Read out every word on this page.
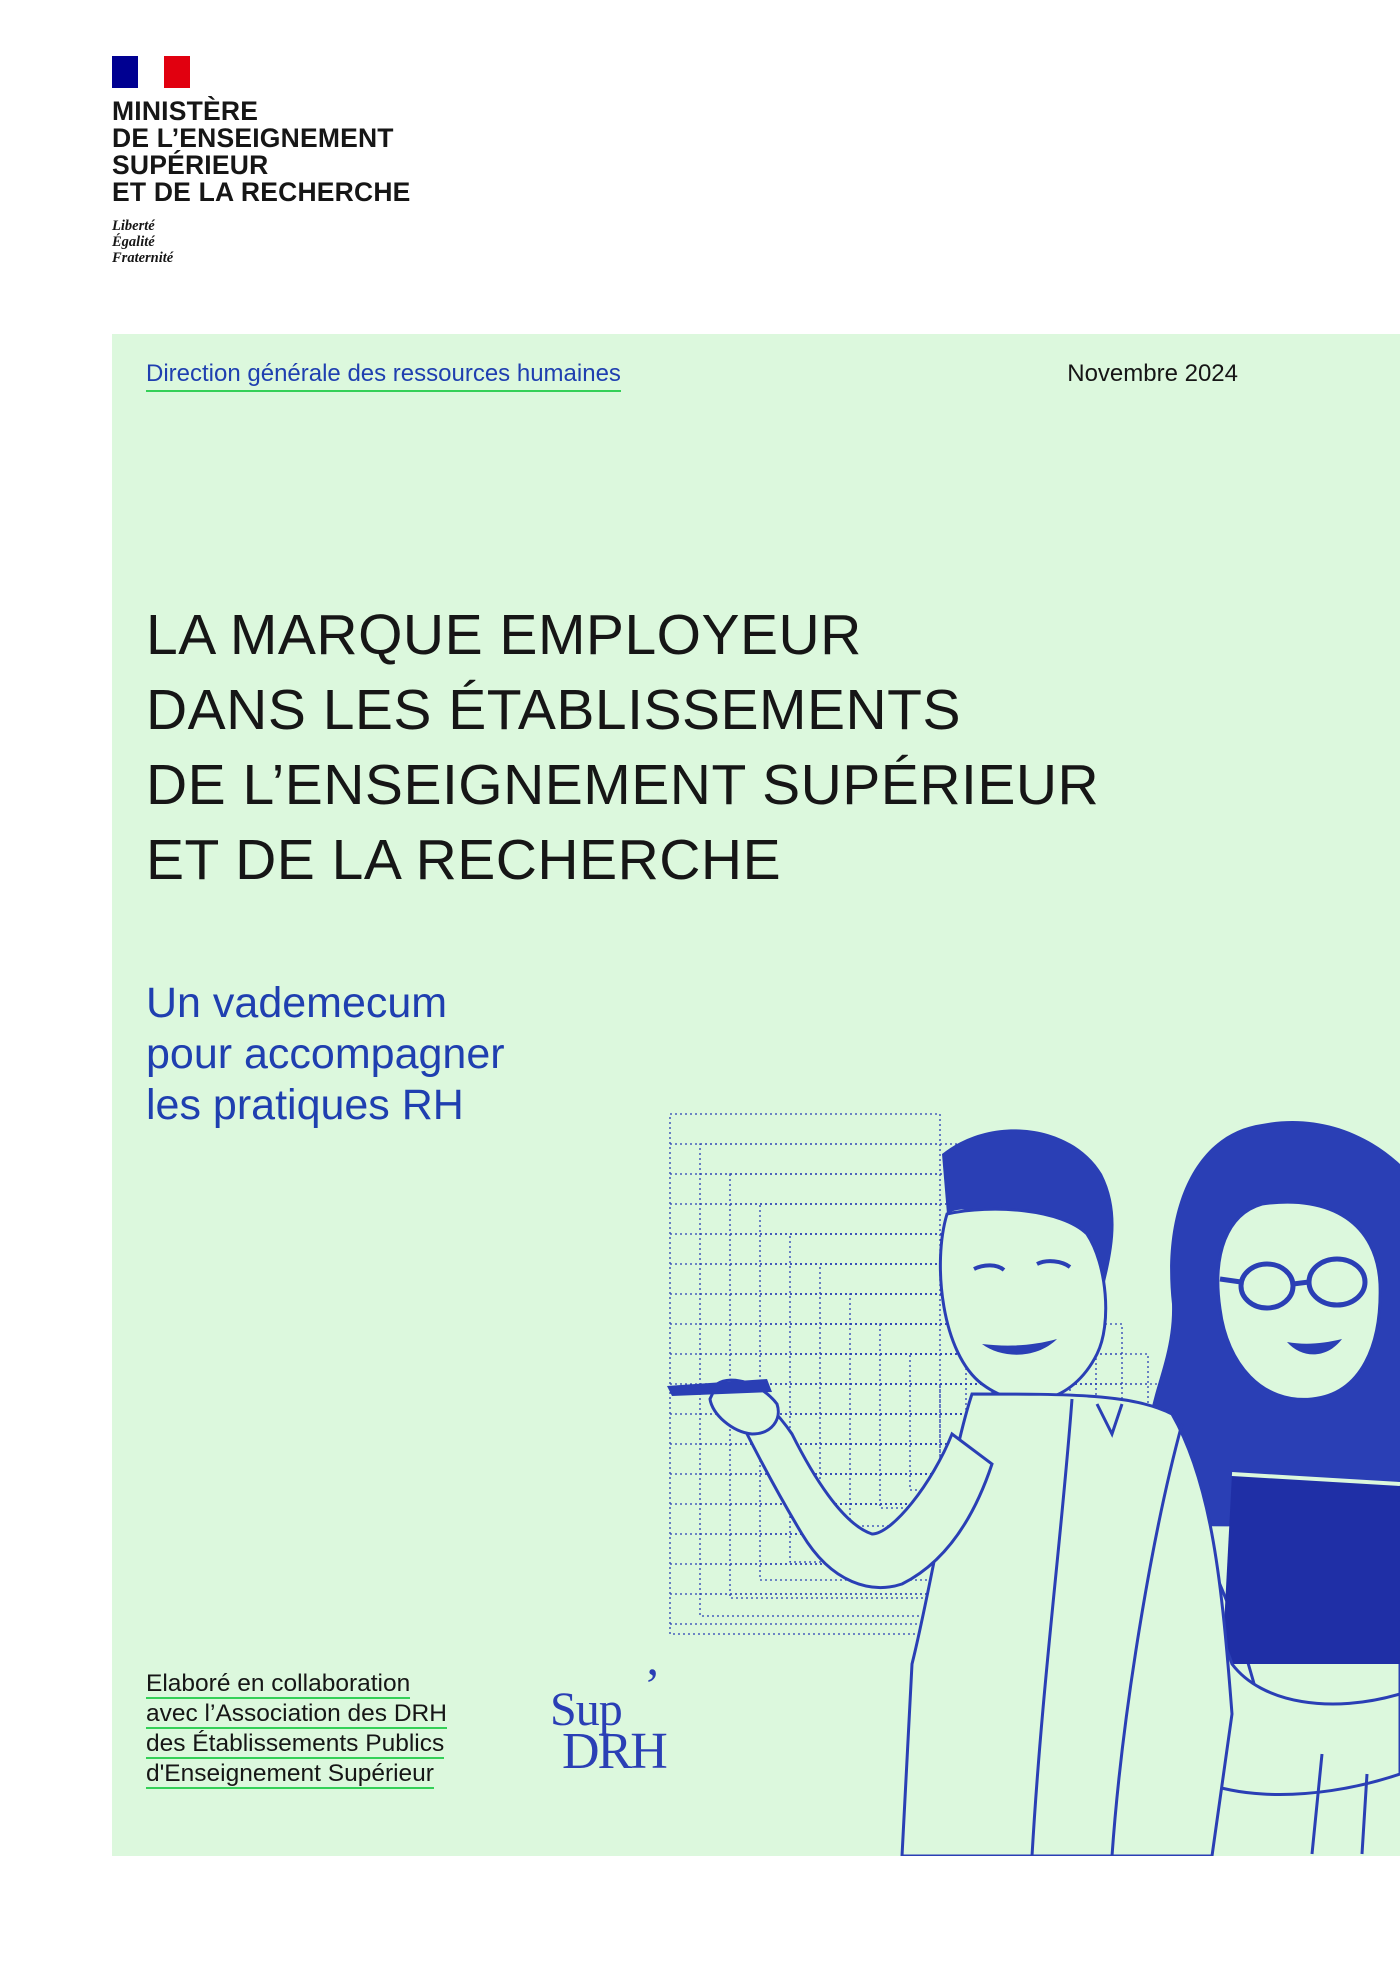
MINISTÈRE
DE L’ENSEIGNEMENT
SUPÉRIEUR
ET DE LA RECHERCHE
Liberté
Égalité
Fraternité
Direction générale des ressources humaines	Novembre 2024
LA MARQUE EMPLOYEUR
DANS LES ÉTABLISSEMENTS
DE L’ENSEIGNEMENT SUPÉRIEUR
ET DE LA RECHERCHE
Un vademecum
pour accompagner
les pratiques RH
Elaboré en collaboration
avec l’Association des DRH
des Établissements Publics
d'Enseignement Supérieur
Sup ’
DRH
